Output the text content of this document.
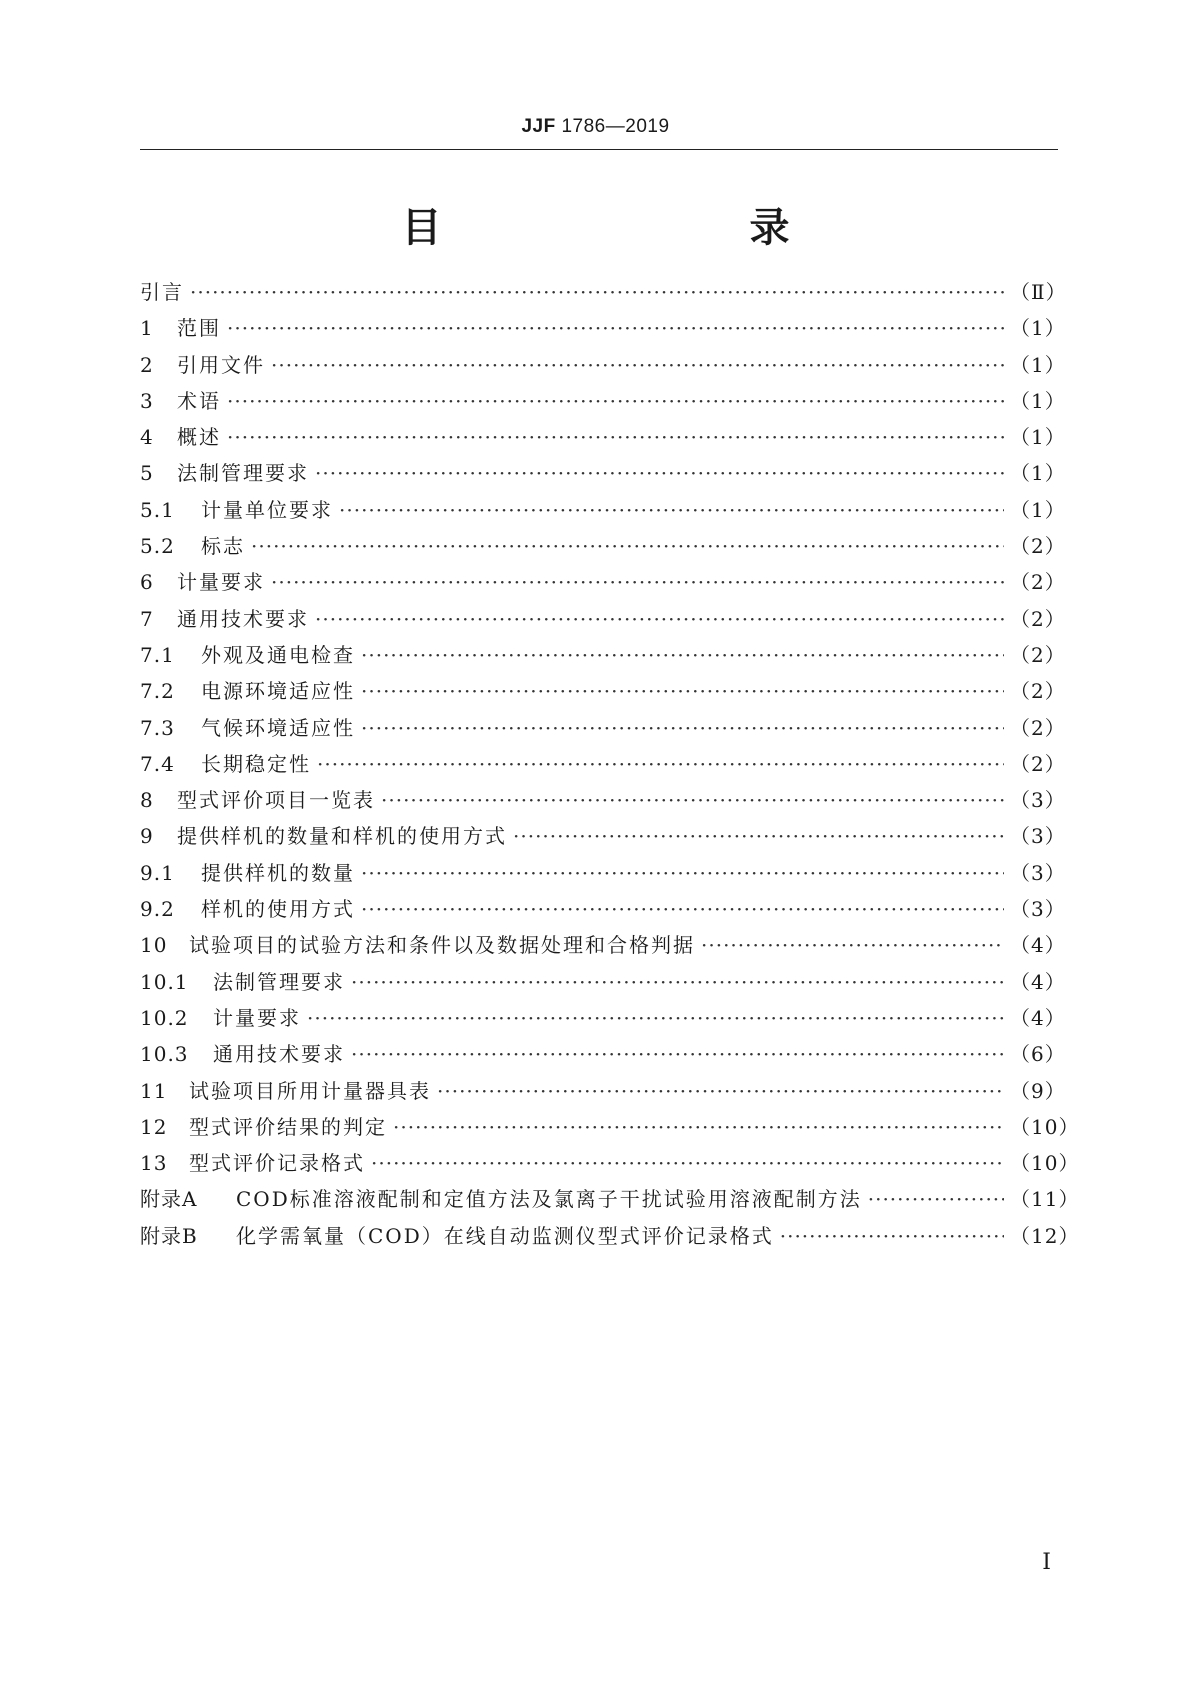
JJF 1786—2019
目　　录
引言 ·····	（Ⅱ）
1	范围 ·····	（1）
2	引用文件 ·····	（1）
3	术语 ·····	（1）
4	概述 ·····	（1）
5	法制管理要求 ·····	（1）
5.1	计量单位要求 ·····	（1）
5.2	标志 ·····	（2）
6	计量要求 ·····	（2）
7	通用技术要求 ·····	（2）
7.1	外观及通电检查 ·····	（2）
7.2	电源环境适应性 ·····	（2）
7.3	气候环境适应性 ·····	（2）
7.4	长期稳定性 ·····	（2）
8	型式评价项目一览表 ·····	（3）
9	提供样机的数量和样机的使用方式 ·····	（3）
9.1	提供样机的数量 ·····	（3）
9.2	样机的使用方式 ·····	（3）
10	试验项目的试验方法和条件以及数据处理和合格判据 ·····	（4）
10.1	法制管理要求 ·····	（4）
10.2	计量要求 ·····	（4）
10.3	通用技术要求 ·····	（6）
11	试验项目所用计量器具表 ·····	（9）
12	型式评价结果的判定 ·····	（10）
13	型式评价记录格式 ·····	（10）
附录A	COD标准溶液配制和定值方法及氯离子干扰试验用溶液配制方法 ·····	（11）
附录B	化学需氧量（COD）在线自动监测仪型式评价记录格式 ·····	（12）
Ⅰ
